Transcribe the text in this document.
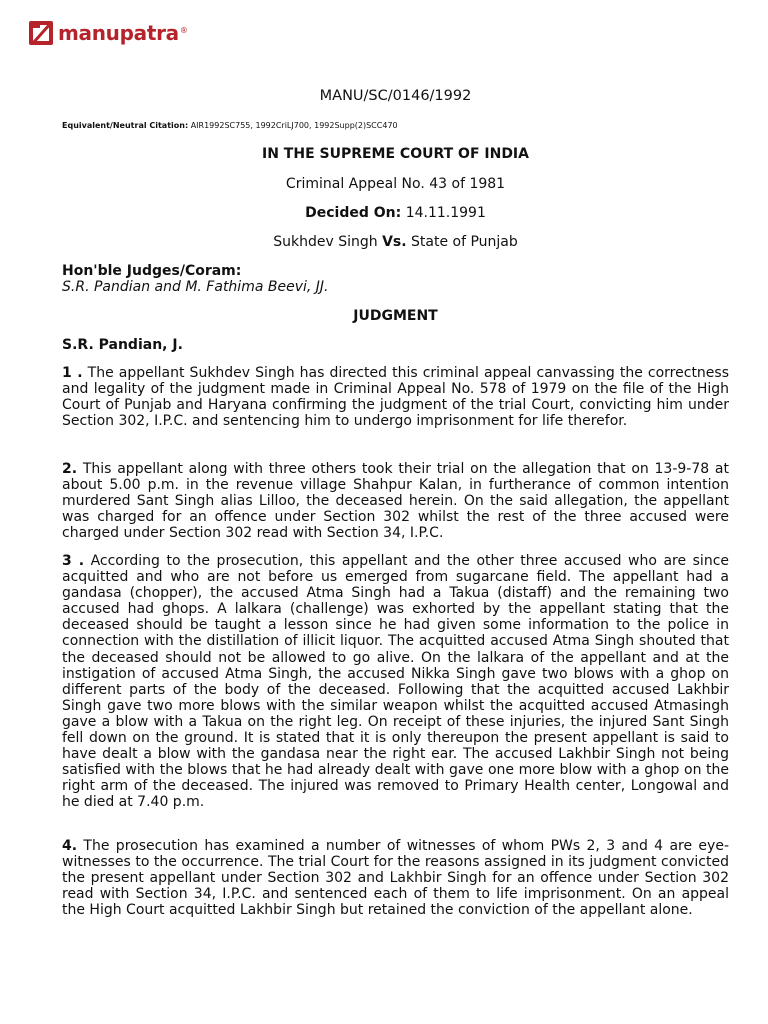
manupatra ®
MANU/SC/0146/1992
Equivalent/Neutral Citation: AIR1992SC755, 1992CriLJ700, 1992Supp(2)SCC470
IN THE SUPREME COURT OF INDIA
Criminal Appeal No. 43 of 1981
Decided On: 14.11.1991
Sukhdev Singh Vs. State of Punjab
Hon'ble Judges/Coram:
S.R. Pandian and M. Fathima Beevi, JJ.
JUDGMENT
S.R. Pandian, J.
1 . The appellant Sukhdev Singh has directed this criminal appeal canvassing the correctness and legality of the judgment made in Criminal Appeal No. 578 of 1979 on the file of the High Court of Punjab and Haryana confirming the judgment of the trial Court, convicting him under Section 302, I.P.C. and sentencing him to undergo imprisonment for life therefor.
2. This appellant along with three others took their trial on the allegation that on 13-9-78 at about 5.00 p.m. in the revenue village Shahpur Kalan, in furtherance of common intention murdered Sant Singh alias Lilloo, the deceased herein. On the said allegation, the appellant was charged for an offence under Section 302 whilst the rest of the three accused were charged under Section 302 read with Section 34, I.P.C.
3 . According to the prosecution, this appellant and the other three accused who are since acquitted and who are not before us emerged from sugarcane field. The appellant had a gandasa (chopper), the accused Atma Singh had a Takua (distaff) and the remaining two accused had ghops. A lalkara (challenge) was exhorted by the appellant stating that the deceased should be taught a lesson since he had given some information to the police in connection with the distillation of illicit liquor. The acquitted accused Atma Singh shouted that the deceased should not be allowed to go alive. On the lalkara of the appellant and at the instigation of accused Atma Singh, the accused Nikka Singh gave two blows with a ghop on different parts of the body of the deceased. Following that the acquitted accused Lakhbir Singh gave two more blows with the similar weapon whilst the acquitted accused Atmasingh gave a blow with a Takua on the right leg. On receipt of these injuries, the injured Sant Singh fell down on the ground. It is stated that it is only thereupon the present appellant is said to have dealt a blow with the gandasa near the right ear. The accused Lakhbir Singh not being satisfied with the blows that he had already dealt with gave one more blow with a ghop on the right arm of the deceased. The injured was removed to Primary Health center, Longowal and he died at 7.40 p.m.
4. The prosecution has examined a number of witnesses of whom PWs 2, 3 and 4 are eye-witnesses to the occurrence. The trial Court for the reasons assigned in its judgment convicted the present appellant under Section 302 and Lakhbir Singh for an offence under Section 302 read with Section 34, I.P.C. and sentenced each of them to life imprisonment. On an appeal the High Court acquitted Lakhbir Singh but retained the conviction of the appellant alone.
